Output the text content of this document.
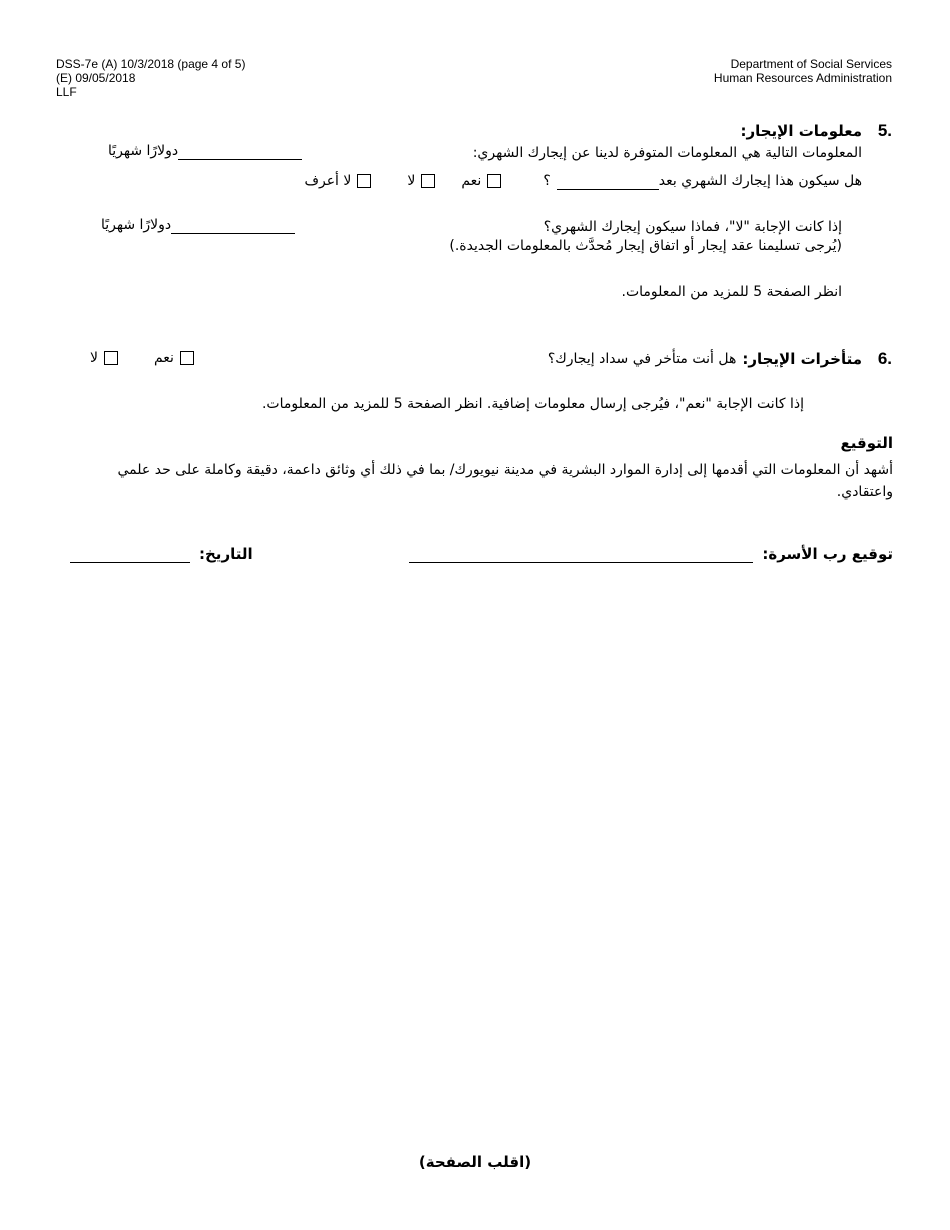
DSS-7e (A) 10/3/2018 (page 4 of 5)
(E) 09/05/2018
LLF
Department of Social Services
Human Resources Administration
5.
معلومات الإيجار:
المعلومات التالية هي المعلومات المتوفرة لدينا عن إيجارك الشهري:
دولارًا شهريًا
هل سيكون هذا إيجارك الشهري بعد
؟
نعم
لا
لا أعرف
إذا كانت الإجابة "لا"، فماذا سيكون إيجارك الشهري؟
(يُرجى تسليمنا عقد إيجار أو اتفاق إيجار مُحدَّث بالمعلومات الجديدة.)
دولارًا شهريًا
انظر الصفحة 5 للمزيد من المعلومات.
6.
متأخرات الإيجار:
هل أنت متأخر في سداد إيجارك؟
نعم
لا
إذا كانت الإجابة "نعم"، فيُرجى إرسال معلومات إضافية. انظر الصفحة 5 للمزيد من المعلومات.
التوقيع
أشهد أن المعلومات التي أقدمها إلى إدارة الموارد البشرية في مدينة نيويورك/ بما في ذلك أي وثائق داعمة، دقيقة وكاملة على حد علمي
واعتقادي.
توقيع رب الأسرة:
التاريخ:
(اقلب الصفحة)
